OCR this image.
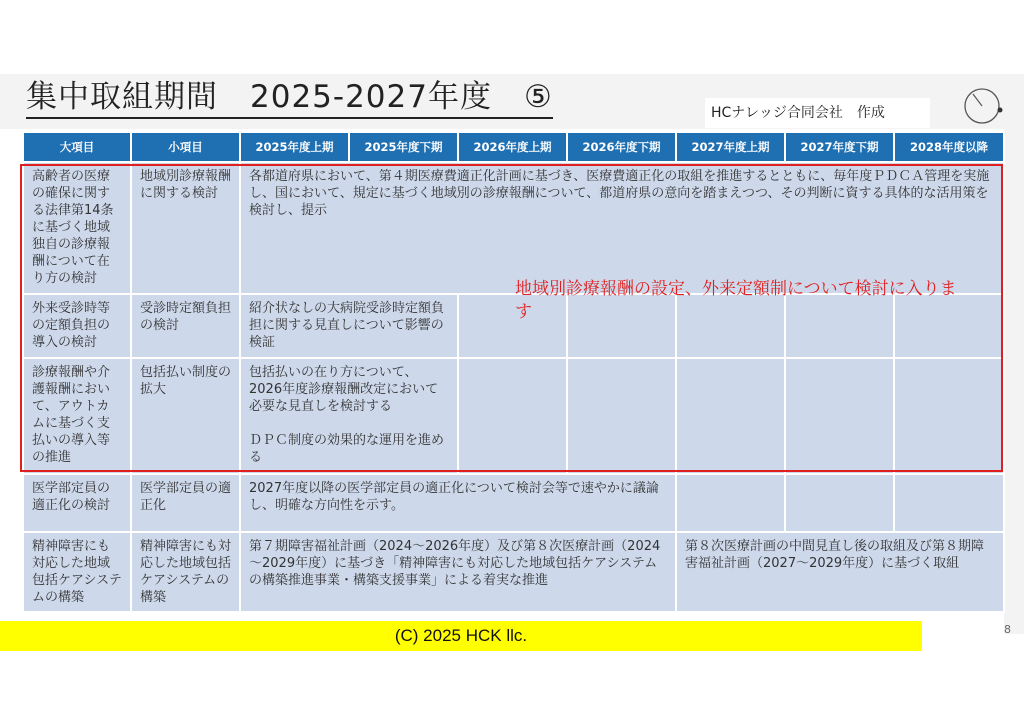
集中取組期間　2025-2027年度　⑤	HCナレッジ合同会社　作成
大項目	小項目	2025年度上期	2025年度下期	2026年度上期	2026年度下期	2027年度上期	2027年度下期	2028年度以降
高齢者の医療の確保に関する法律第14条に基づく地域独自の診療報酬について在り方の検討	地域別診療報酬に関する検討	各都道府県において、第４期医療費適正化計画に基づき、医療費適正化の取組を推進するとともに、毎年度ＰＤＣＡ管理を実施し、国において、規定に基づく地域別の診療報酬について、都道府県の意向を踏まえつつ、その判断に資する具体的な活用策を検討し、提示						
外来受診時等の定額負担の導入の検討	受診時定額負担の検討	紹介状なしの大病院受診時定額負担に関する見直しについて影響の検証						
診療報酬や介護報酬において、アウトカムに基づく支払いの導入等の推進	包括払い制度の拡大	包括払いの在り方について、2026年度診療報酬改定において必要な見直しを検討する

ＤＰＣ制度の効果的な運用を進める						
医学部定員の適正化の検討	医学部定員の適正化	2027年度以降の医学部定員の適正化について検討会等で速やかに議論し、明確な方向性を示す。						
精神障害にも対応した地域包括ケアシステムの構築	精神障害にも対応した地域包括ケアシステムの構築	第７期障害福祉計画（2024～2026年度）及び第８次医療計画（2024～2029年度）に基づき「精神障害にも対応した地域包括ケアシステムの構築推進事業・構築支援事業」による着実な推進				第８次医療計画の中間見直し後の取組及び第８期障害福祉計画（2027～2029年度）に基づく取組		
地域別診療報酬の設定、外来定額制について検討に入ります
(C) 2025 HCK llc.	8
